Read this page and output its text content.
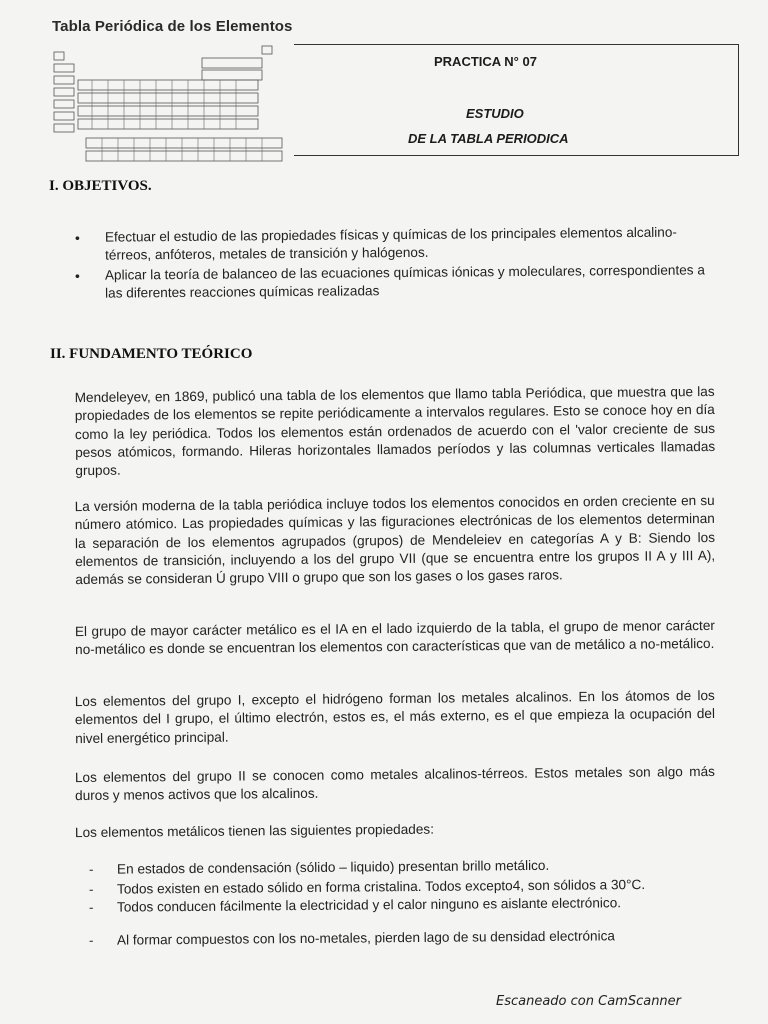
Tabla Periódica de los Elementos
PRACTICA N° 07
ESTUDIO
DE LA TABLA PERIODICA
I. OBJETIVOS.
• Efectuar el estudio de las propiedades físicas y químicas de los principales elementos alcalino-térreos, anfóteros, metales de transición y halógenos.
• Aplicar la teoría de balanceo de las ecuaciones químicas iónicas y moleculares, correspondientes a las diferentes reacciones químicas realizadas
II. FUNDAMENTO TEÓRICO
Mendeleyev, en 1869, publicó una tabla de los elementos que llamo tabla Periódica, que muestra que las propiedades de los elementos se repite periódicamente a intervalos regulares. Esto se conoce hoy en día como la ley periódica. Todos los elementos están ordenados de acuerdo con el 'valor creciente de sus pesos atómicos, formando. Hileras horizontales llamados períodos y las columnas verticales llamadas grupos.
La versión moderna de la tabla periódica incluye todos los elementos conocidos en orden creciente en su número atómico. Las propiedades químicas y las figuraciones electrónicas de los elementos determinan la separación de los elementos agrupados (grupos) de Mendeleiev en categorías A y B: Siendo los elementos de transición, incluyendo a los del grupo VII (que se encuentra entre los grupos II A y III A), además se consideran Ú grupo VIII o grupo que son los gases o los gases raros.
El grupo de mayor carácter metálico es el IA en el lado izquierdo de la tabla, el grupo de menor carácter no-metálico es donde se encuentran los elementos con características que van de metálico a no-metálico.
Los elementos del grupo I, excepto el hidrógeno forman los metales alcalinos. En los átomos de los elementos del I grupo, el último electrón, estos es, el más externo, es el que empieza la ocupación del nivel energético principal.
Los elementos del grupo II se conocen como metales alcalinos-térreos. Estos metales son algo más duros y menos activos que los alcalinos.
Los elementos metálicos tienen las siguientes propiedades:
- En estados de condensación (sólido – liquido) presentan brillo metálico.
- Todos existen en estado sólido en forma cristalina. Todos excepto4, son sólidos a 30°C.
- Todos conducen fácilmente la electricidad y el calor ninguno es aislante electrónico.
- Al formar compuestos con los no-metales, pierden lago de su densidad electrónica
Escaneado con CamScanner
